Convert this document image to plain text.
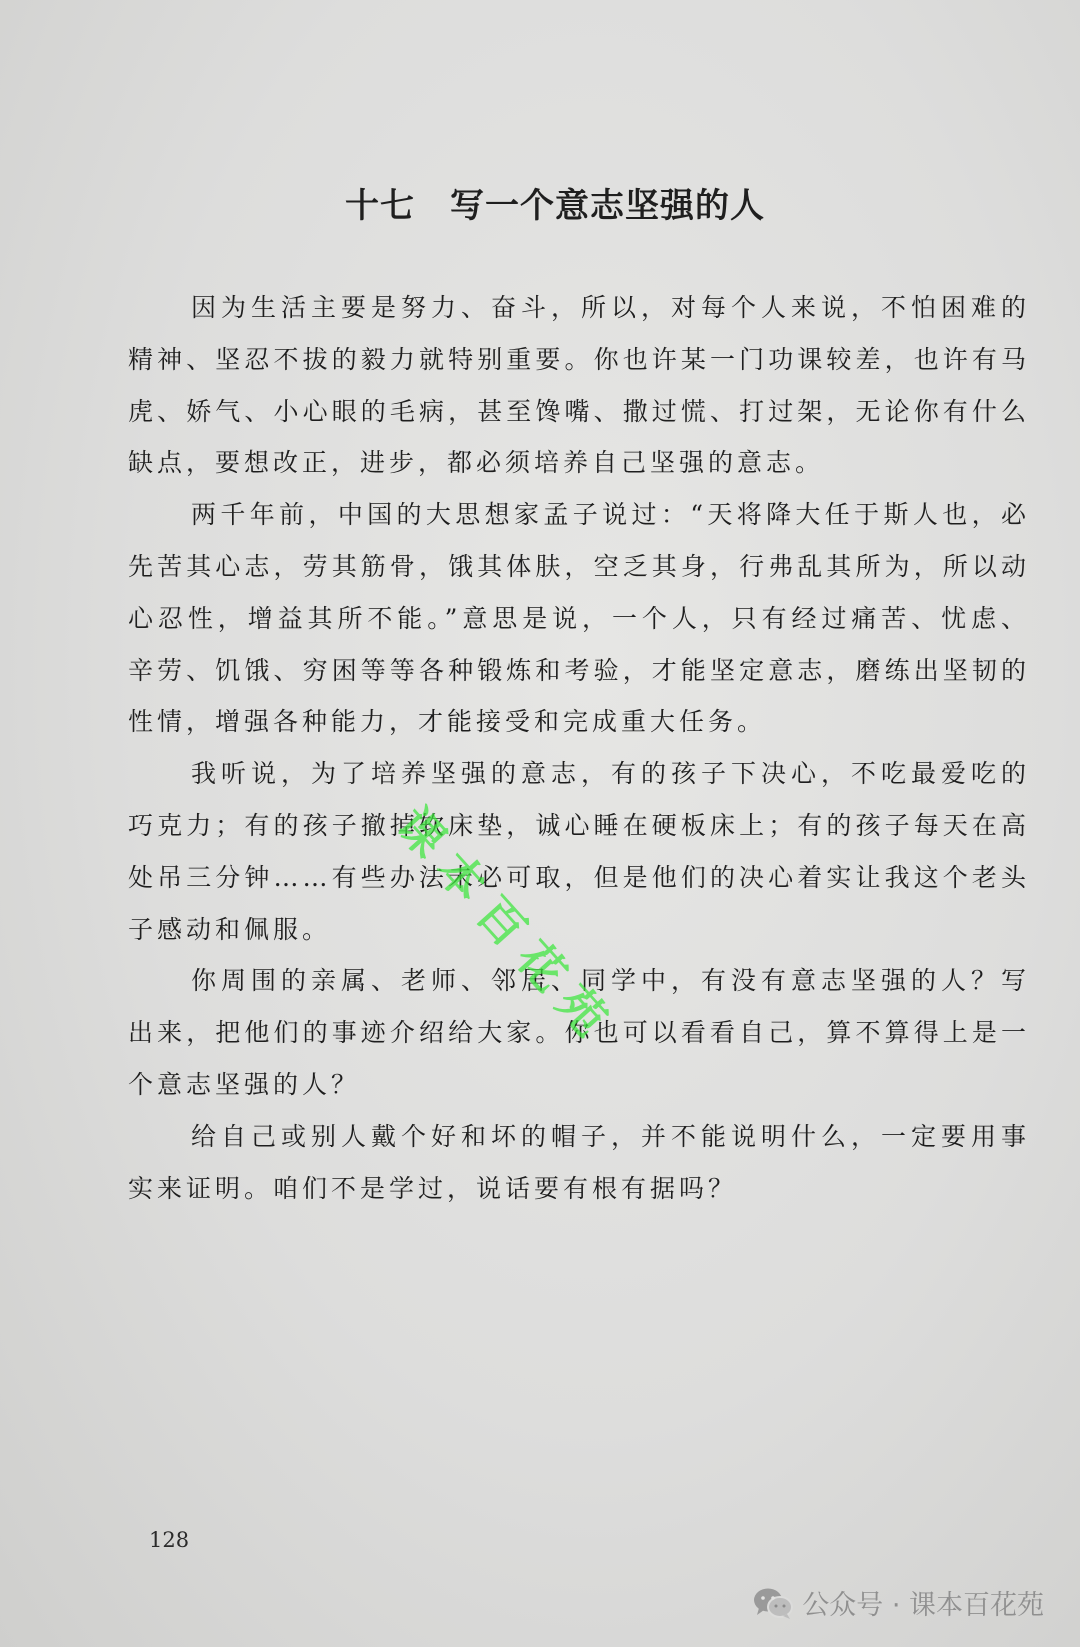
十七　写一个意志坚强的人

因为生活主要是努力、奋斗，所以，对每个人来说，不怕困难的精神、坚忍不拔的毅力就特别重要。你也许某一门功课较差，也许有马虎、娇气、小心眼的毛病，甚至馋嘴、撒过慌、打过架，无论你有什么缺点，要想改正，进步，都必须培养自己坚强的意志。

两千年前，中国的大思想家孟子说过：“天将降大任于斯人也，必先苦其心志，劳其筋骨，饿其体肤，空乏其身，行弗乱其所为，所以动心忍性，增益其所不能。”意思是说，一个人，只有经过痛苦、忧虑、辛劳、饥饿、穷困等等各种锻炼和考验，才能坚定意志，磨练出坚韧的性情，增强各种能力，才能接受和完成重大任务。

我听说，为了培养坚强的意志，有的孩子下决心，不吃最爱吃的巧克力；有的孩子撤掉软床垫，诚心睡在硬板床上；有的孩子每天在高处吊三分钟……有些办法未必可取，但是他们的决心着实让我这个老头子感动和佩服。

你周围的亲属、老师、邻居、同学中，有没有意志坚强的人？写出来，把他们的事迹介绍给大家。你也可以看看自己，算不算得上是一个意志坚强的人？

给自己或别人戴个好和坏的帽子，并不能说明什么，一定要用事实来证明。咱们不是学过，说话要有根有据吗？

课本百花苑
128
公众号 · 课本百花苑
